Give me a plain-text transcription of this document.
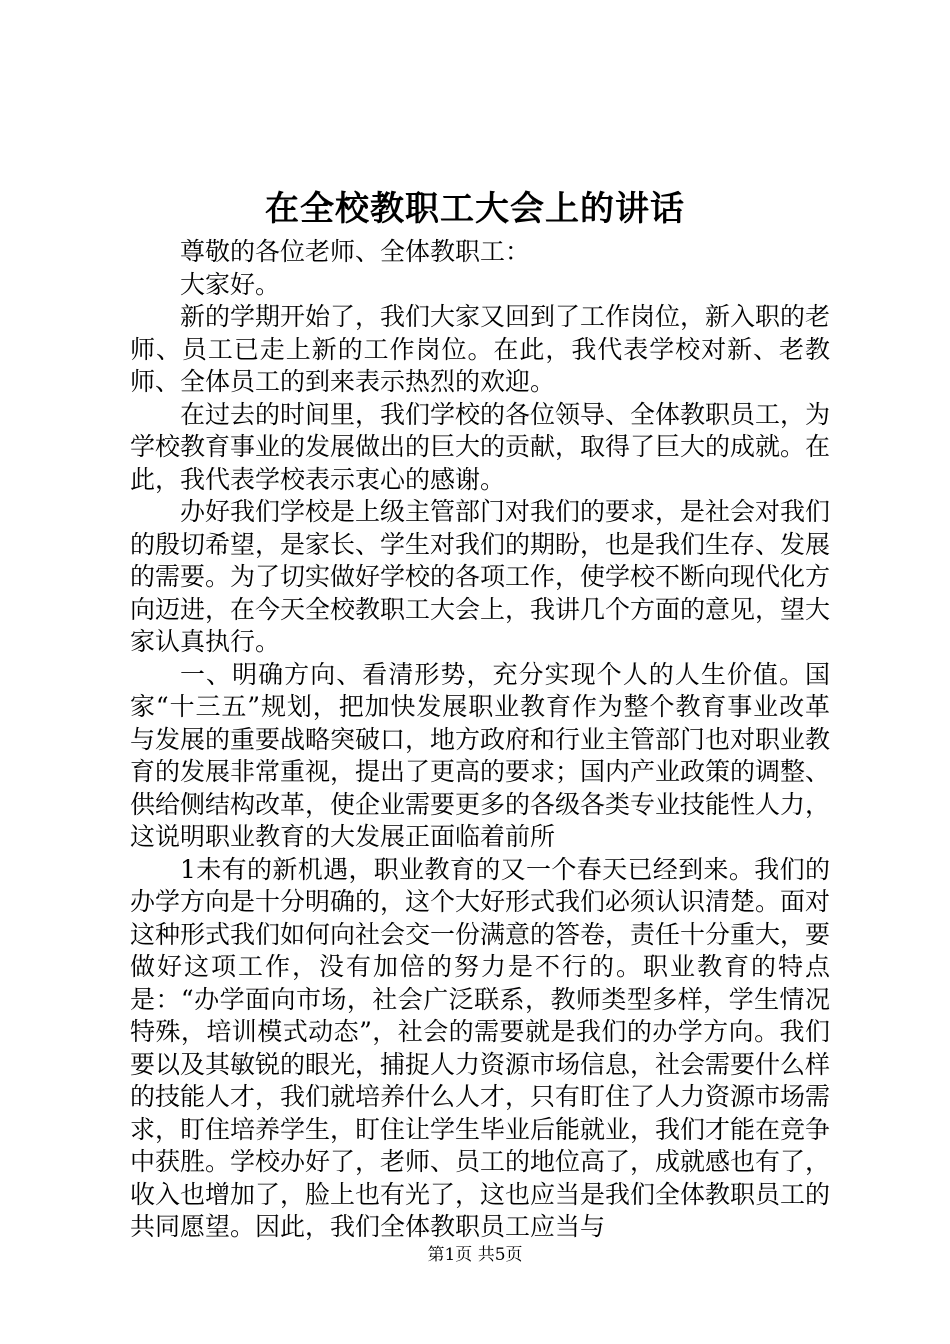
在全校教职工大会上的讲话

尊敬的各位老师、全体教职工：

大家好。

新的学期开始了，我们大家又回到了工作岗位，新入职的老师、员工已走上新的工作岗位。在此，我代表学校对新、老教师、全体员工的到来表示热烈的欢迎。

在过去的时间里，我们学校的各位领导、全体教职员工，为学校教育事业的发展做出的巨大的贡献，取得了巨大的成就。在此，我代表学校表示衷心的感谢。

办好我们学校是上级主管部门对我们的要求，是社会对我们的殷切希望，是家长、学生对我们的期盼，也是我们生存、发展的需要。为了切实做好学校的各项工作，使学校不断向现代化方向迈进，在今天全校教职工大会上，我讲几个方面的意见，望大家认真执行。

一、明确方向、看清形势，充分实现个人的人生价值。国家“十三五”规划，把加快发展职业教育作为整个教育事业改革与发展的重要战略突破口，地方政府和行业主管部门也对职业教育的发展非常重视，提出了更高的要求；国内产业政策的调整、供给侧结构改革，使企业需要更多的各级各类专业技能性人力，这说明职业教育的大发展正面临着前所

1未有的新机遇，职业教育的又一个春天已经到来。我们的办学方向是十分明确的，这个大好形式我们必须认识清楚。面对这种形式我们如何向社会交一份满意的答卷，责任十分重大，要做好这项工作，没有加倍的努力是不行的。职业教育的特点是：“办学面向市场，社会广泛联系，教师类型多样，学生情况特殊，培训模式动态”，社会的需要就是我们的办学方向。我们要以及其敏锐的眼光，捕捉人力资源市场信息，社会需要什么样的技能人才，我们就培养什么人才，只有盯住了人力资源市场需求，盯住培养学生，盯住让学生毕业后能就业，我们才能在竞争中获胜。学校办好了，老师、员工的地位高了，成就感也有了，收入也增加了，脸上也有光了，这也应当是我们全体教职员工的共同愿望。因此，我们全体教职员工应当与

第1页 共5页
